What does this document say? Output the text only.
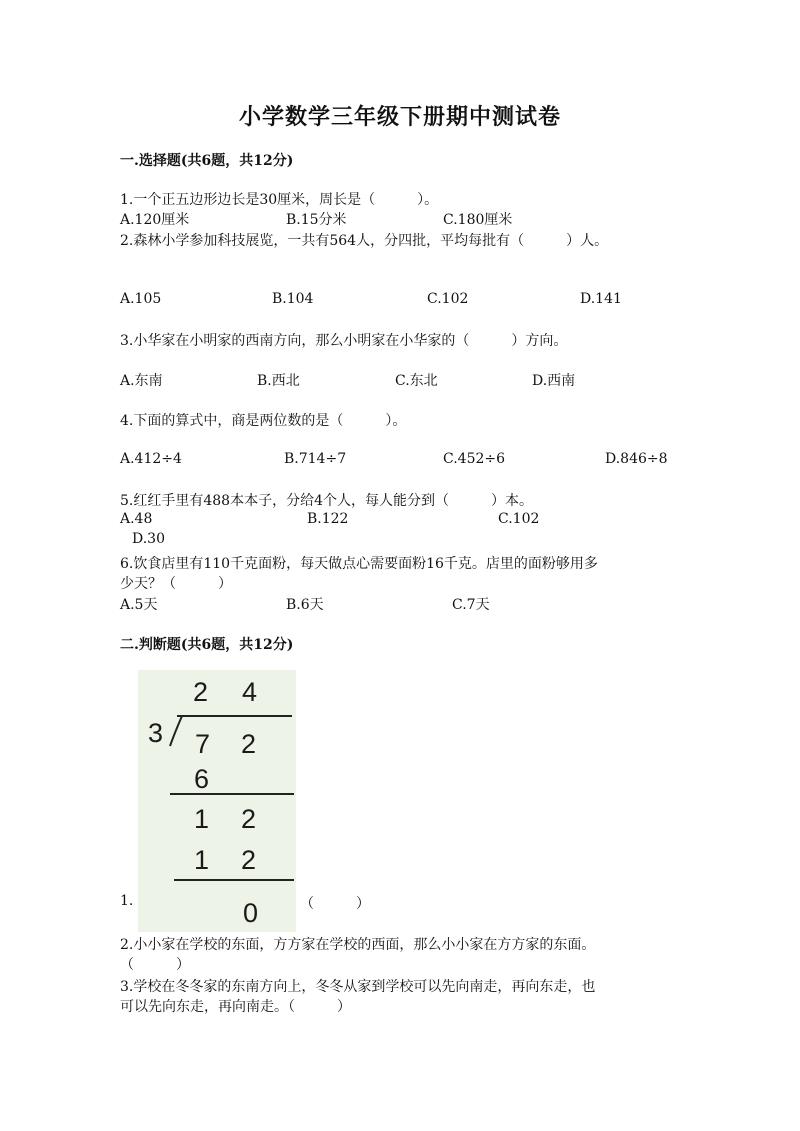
小学数学三年级下册期中测试卷
一.选择题(共6题，共12分)
1.一个正五边形边长是30厘米，周长是（　　　）。
A.120厘米	B.15分米	C.180厘米
2.森林小学参加科技展览，一共有564人，分四批，平均每批有（　　　）人。
A.105	B.104	C.102	D.141
3.小华家在小明家的西南方向，那么小明家在小华家的（　　　）方向。
A.东南	B.西北	C.东北	D.西南
4.下面的算式中，商是两位数的是（　　　）。
A.412÷4	B.714÷7	C.452÷6	D.846÷8
5.红红手里有488本本子，分给4个人，每人能分到（　　　）本。
A.48	B.122	C.102
D.30
6.饮食店里有110千克面粉，每天做点心需要面粉16千克。店里的面粉够用多
少天？（　　　）
A.5天	B.6天	C.7天
二.判断题(共6题，共12分)
2 4
3 7 2
6
1 2
1 2
0
1.	（　　　）
2.小小家在学校的东面，方方家在学校的西面，那么小小家在方方家的东面。
（　　　）
3.学校在冬冬家的东南方向上，冬冬从家到学校可以先向南走，再向东走，也
可以先向东走，再向南走。（　　　）
